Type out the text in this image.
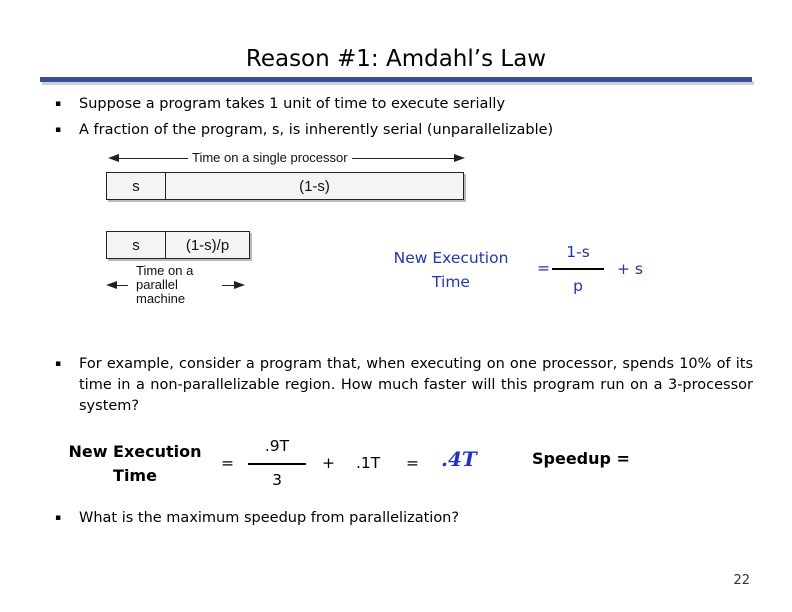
Reason #1: Amdahl’s Law
▪	Suppose a program takes 1 unit of time to execute serially
▪	A fraction of the program, s, is inherently serial (unparallelizable)
Time on a single processor
s	(1-s)
s	(1-s)/p
Time on a
parallel
machine
New Execution
Time
=
1-s
p
+ s
▪	For example, consider a program that, when executing on one processor, spends 10% of its time in a non-parallelizable region. How much faster will this program run on a 3-processor system?
New Execution
Time
=
.9T
3
+ .1T = .4T	Speedup =
▪	What is the maximum speedup from parallelization?
22
